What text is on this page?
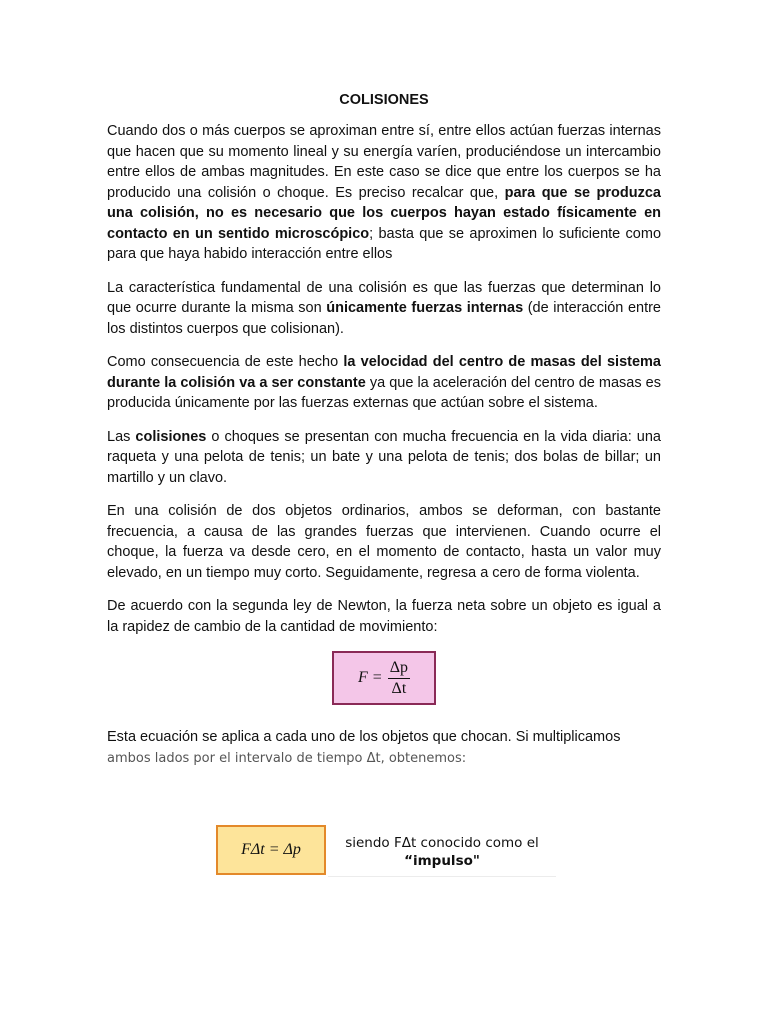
COLISIONES

Cuando dos o más cuerpos se aproximan entre sí, entre ellos actúan fuerzas internas que hacen que su momento lineal y su energía varíen, produciéndose un intercambio entre ellos de ambas magnitudes. En este caso se dice que entre los cuerpos se ha producido una colisión o choque. Es preciso recalcar que, para que se produzca una colisión, no es necesario que los cuerpos hayan estado físicamente en contacto en un sentido microscópico; basta que se aproximen lo suficiente como para que haya habido interacción entre ellos

La característica fundamental de una colisión es que las fuerzas que determinan lo que ocurre durante la misma son únicamente fuerzas internas (de interacción entre los distintos cuerpos que colisionan).

Como consecuencia de este hecho la velocidad del centro de masas del sistema durante la colisión va a ser constante ya que la aceleración del centro de masas es producida únicamente por las fuerzas externas que actúan sobre el sistema.

Las colisiones o choques se presentan con mucha frecuencia en la vida diaria: una raqueta y una pelota de tenis; un bate y una pelota de tenis; dos bolas de billar; un martillo y un clavo.

En una colisión de dos objetos ordinarios, ambos se deforman, con bastante frecuencia, a causa de las grandes fuerzas que intervienen. Cuando ocurre el choque, la fuerza va desde cero, en el momento de contacto, hasta un valor muy elevado, en un tiempo muy corto. Seguidamente, regresa a cero de forma violenta.

De acuerdo con la segunda ley de Newton, la fuerza neta sobre un objeto es igual a la rapidez de cambio de la cantidad de movimiento:

$F = \frac{\Delta p}{\Delta t}$

Esta ecuación se aplica a cada uno de los objetos que chocan. Si multiplicamos
ambos lados por el intervalo de tiempo Δt, obtenemos:

FΔt = Δp	siendo FΔt conocido como el
“impulso"
